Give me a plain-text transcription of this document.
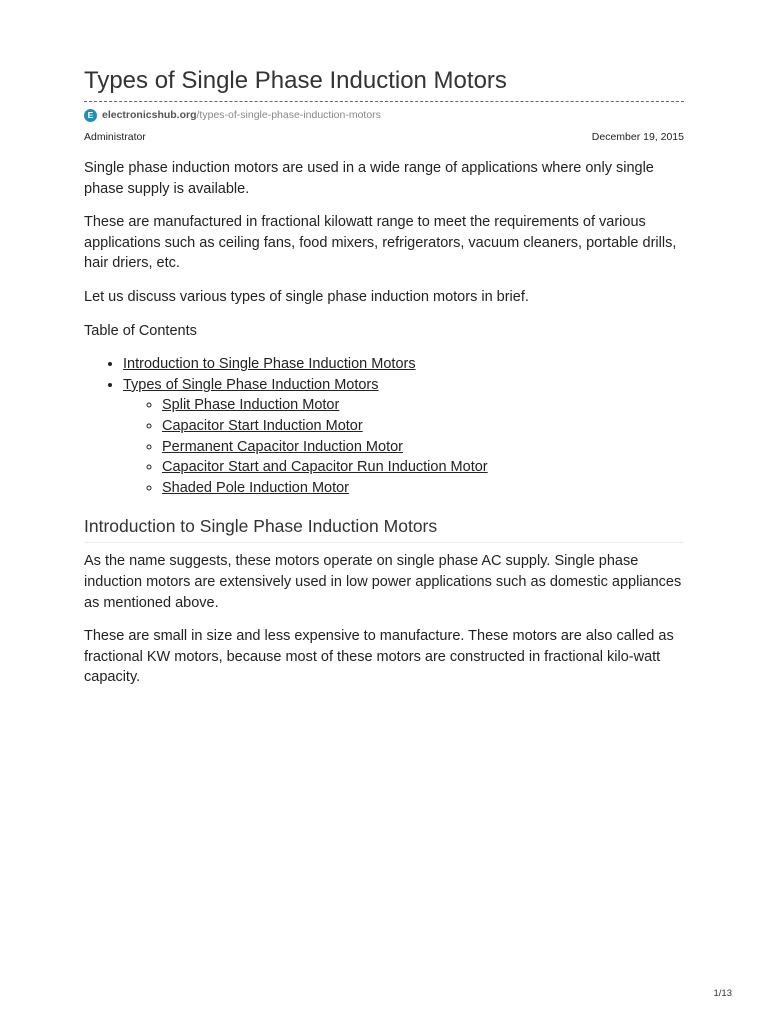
Types of Single Phase Induction Motors
E electronicshub.org /types-of-single-phase-induction-motors
Administrator	December 19, 2015

Single phase induction motors are used in a wide range of applications where only single phase supply is available.

These are manufactured in fractional kilowatt range to meet the requirements of various applications such as ceiling fans, food mixers, refrigerators, vacuum cleaners, portable drills, hair driers, etc.

Let us discuss various types of single phase induction motors in brief.

Table of Contents

• Introduction to Single Phase Induction Motors
• Types of Single Phase Induction Motors
◦ Split Phase Induction Motor
◦ Capacitor Start Induction Motor
◦ Permanent Capacitor Induction Motor
◦ Capacitor Start and Capacitor Run Induction Motor
◦ Shaded Pole Induction Motor
Introduction to Single Phase Induction Motors

As the name suggests, these motors operate on single phase AC supply. Single phase induction motors are extensively used in low power applications such as domestic appliances as mentioned above.

These are small in size and less expensive to manufacture. These motors are also called as fractional KW motors, because most of these motors are constructed in fractional kilo-watt capacity.

1/13
